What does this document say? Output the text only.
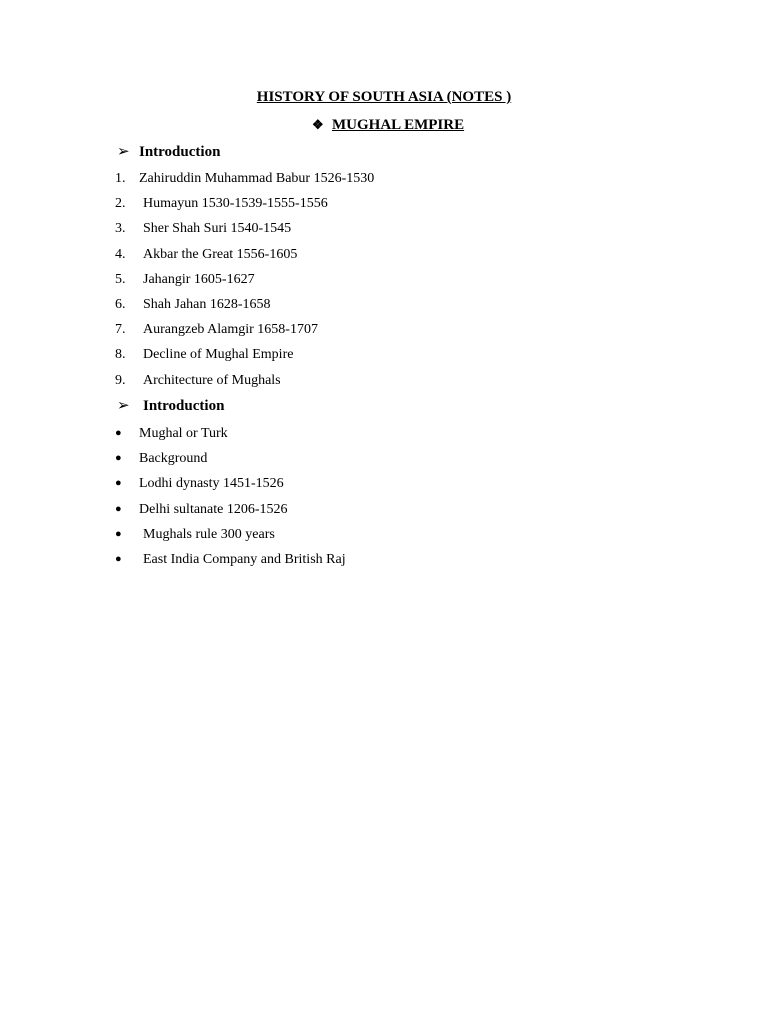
HISTORY OF SOUTH ASIA (NOTES )
❖ MUGHAL EMPIRE
➢ Introduction
1. Zahiruddin Muhammad Babur 1526-1530
2. Humayun 1530-1539-1555-1556
3. Sher Shah Suri 1540-1545
4. Akbar the Great 1556-1605
5. Jahangir 1605-1627
6. Shah Jahan 1628-1658
7. Aurangzeb Alamgir 1658-1707
8. Decline of Mughal Empire
9. Architecture of Mughals
➢ Introduction
● Mughal or Turk
● Background
● Lodhi dynasty 1451-1526
● Delhi sultanate 1206-1526
● Mughals rule 300 years
● East India Company and British Raj
